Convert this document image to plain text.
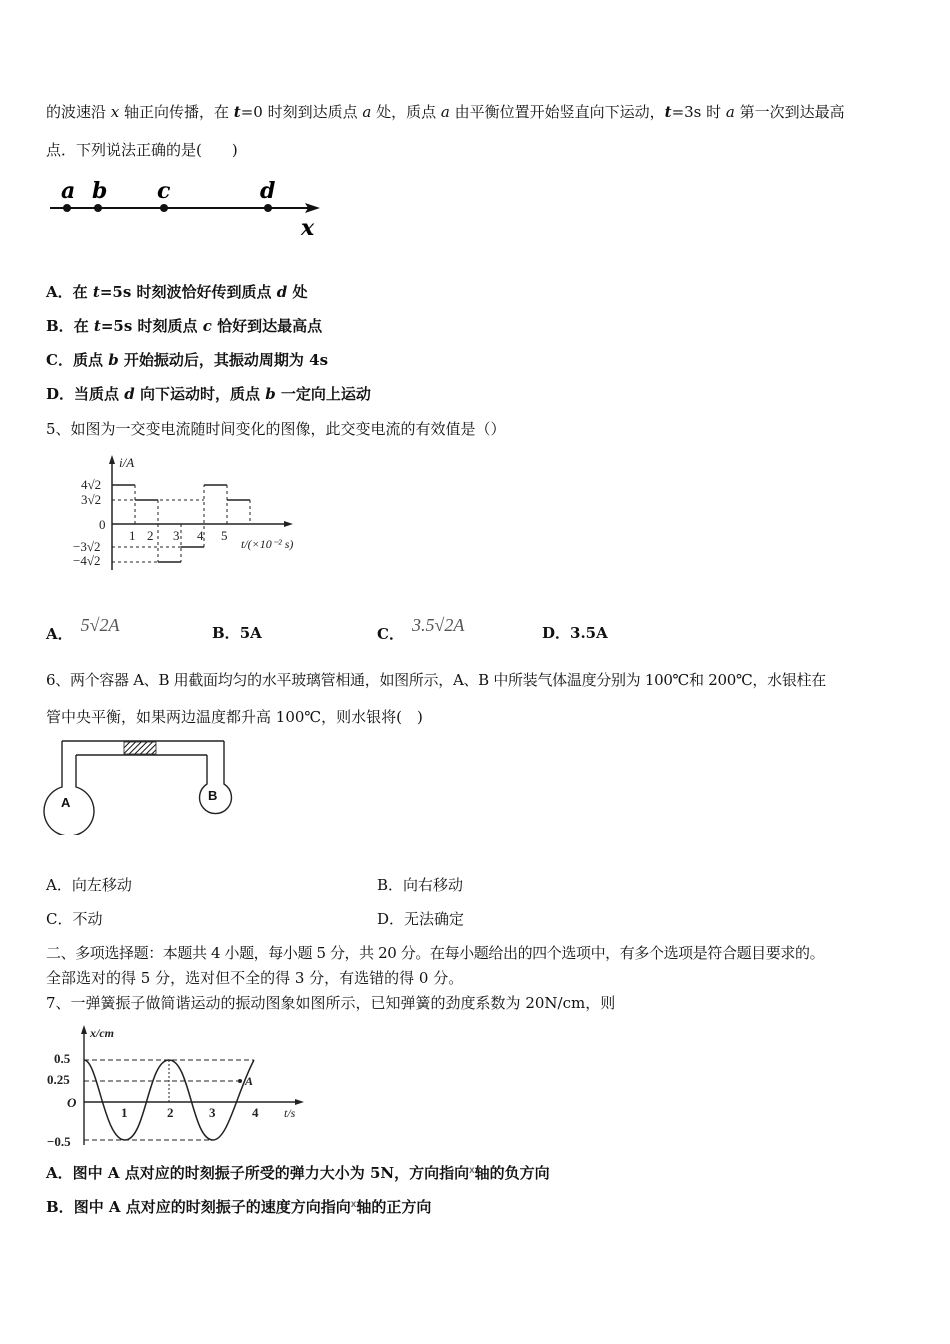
的波速沿 x 轴正向传播，在 t=0 时刻到达质点 a 处，质点 a 由平衡位置开始竖直向下运动，t=3s 时 a 第一次到达最高
点．下列说法正确的是(　　)
a b c	d
x
A．在 t=5s 时刻波恰好传到质点 d 处
B．在 t=5s 时刻质点 c 恰好到达最高点
C．质点 b 开始振动后，其振动周期为 4s
D．当质点 d 向下运动时，质点 b 一定向上运动
5、如图为一交变电流随时间变化的图像，此交变电流的有效值是（）
i/A
4√2
3√2
0
−3√2
−4√2
1 2 3 4 5
t/(×10⁻² s)
A． 5√2A	B．5A	C． 3.5√2A	D．3.5A
6、两个容器 A、B 用截面均匀的水平玻璃管相通，如图所示，A、B 中所装气体温度分别为 100℃和 200℃，水银柱在
管中央平衡，如果两边温度都升高 100℃，则水银将(　)
A	B
A．向左移动	B．向右移动
C．不动	D．无法确定
二、多项选择题：本题共 4 小题，每小题 5 分，共 20 分。在每小题给出的四个选项中，有多个选项是符合题目要求的。
全部选对的得 5 分，选对但不全的得 3 分，有选错的得 0 分。
7、一弹簧振子做简谐运动的振动图象如图所示，已知弹簧的劲度系数为 20N/cm，则
x/cm
0.5
0.25
O
−0.5
1	2	3	4 t/s
A
A．图中 A 点对应的时刻振子所受的弹力大小为 5N，方向指向$^x$轴的负方向
B．图中 A 点对应的时刻振子的速度方向指向$^x$轴的正方向
